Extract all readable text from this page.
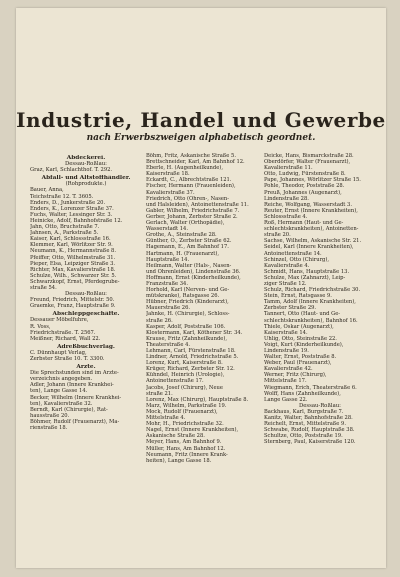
Industrie, Handel und Gewerbe
nach Erwerbszweigen alphabetisch geordnet.
Abdeckerei.
Dessau-Roßlau:
Graz, Karl, Schlachthof. T. 292.
Abfall- und Altstoffhändler.
(Rohprodukte.)
Bauer, Anna,
Teichstraße 12. T. 3605.
Enders, D., Junkerstraße 20.
Enders, K., Lorenzer Straße 37.
Fuchs, Walter, Lessinger Str. 3.
Heinicke, Adolf, Bahnhofstraße 12.
Jahn, Otto, Bruchstraße 7.
Jahnsen, A., Parkstraße 5.
Kaiser, Karl, Schlossstraße 16.
Klemmer, Karl, Wörlitzer Str. 9.
Neumann, K., Hermannstraße 8.
Pfeiffer, Otto, Wilhelmstraße 31.
Pieper, Elsa, Leipziger Straße 3.
Richter, Max, Kavalierstraße 18.
Schulze, Wilh., Schwarzer Str. 5.
Schwarzkopf, Ernst, Pferdegrube-
straße 54.
Dessau-Roßlau:
Freund, Friedrich, Mittelstr. 50.
Graemke, Franz, Hauptstraße 9.
Abschleppgeschäfte.
Dessauer Möbelfuhre,
R. Voss,
Friedrichstraße. T. 2567.
Meißner, Richard, Wall 22.
Adreßbuchverlag.
C. Dünnhaupt Verlag,
Zerbster Straße 10. T. 3300.
Ärzte.
Die Sprechstunden sind im Ärzte-
verzeichnis angegeben.
Adler, Johann (Innere Krankhei-
ten), Lange Gasse 14.
Becker, Wilhelm (Innere Krankhei-
ten), Kavalierstraße 32.
Berndt, Karl (Chirurgie), Rat-
hausstraße 20.
Böhmer, Rudolf (Frauenarzt), Ma-
rienstraße 18.
Böhm, Fritz, Askanische Straße 5.
Brettschneider, Karl, Am Bahnhof 12.
Eberle, H. (Augenheilkunde),
Kaiserstraße 18.
Eckardt, C., Albrechtstraße 121.
Fischer, Hermann (Frauenleiden),
Kavalierstraße 37.
Friedrich, Otto (Ohren-, Nasen-
und Halsleiden), Antoinettenstraße 11.
Gabler, Wilhelm, Friedrichstraße 7.
Gerber, Johann, Zerbster Straße 2.
Gerlach, Walter (Orthopädie),
Wasserstadt 14.
Grothe, A., Steinstraße 28.
Günther, O., Zerbster Straße 62.
Hagemann, E., Am Bahnhof 17.
Hartmann, H. (Frauenarzt),
Hauptstraße 14.
Heilmann, Walter (Hals-, Nasen-
und Ohrenleiden), Lindenstraße 36.
Hoffmann, Ernst (Kinderheilkunde),
Franzstraße 34.
Horhold, Karl (Nerven- und Ge-
mütskranke), Ratsgasse 26.
Hübner, Friedrich (Kinderarzt),
Mauerstraße 26.
Jahnke, H. (Chirurgie), Schloss-
straße 26.
Kasper, Adolf, Poststraße 106.
Klostermann, Karl, Köthener Str. 34.
Krause, Fritz (Zahnheilkunde),
Theaterstraße 4.
Lehmann, Carl, Fürstenstraße 18.
Lindner, Arnold, Friedrichstraße 5.
Lorenz, Kurt, Kaiserstraße 8.
Krüger, Richard, Zerbster Str. 12.
Kühndel, Heinrich (Urologie),
Antoinettenstraße 17.
Jacobs, Josef (Chirurg), Neue
straße 21.
Lorenz, Max (Chirurg), Hauptstraße 8.
Marz, Wilhelm, Parkstraße 19.
Mock, Rudolf (Frauenarzt),
Mittelstraße 4.
Mohr, H., Friedrichstraße 32.
Nagel, Ernst (Innere Krankheiten),
Askanische Straße 28.
Meyer, Hans, Am Bahnhof 9.
Müller, Hans, Am Bahnhof 12.
Neumann, Fritz (Innere Krank-
heiten), Lange Gasse 18.
Deicke, Hans, Bismarckstraße 28.
Oberdörfer, Walter (Frauenarzt),
Kavalierstraße 11.
Otto, Ludwig, Fürstenstraße 8.
Pape, Johannes, Wörlitzer Straße 15.
Pohle, Theodor, Poststraße 28.
Preuß, Johannes (Augenarzt),
Lindenstraße 28.
Reiche, Wolfgang, Wasserstadt 3.
Reuter, Ernst (Innere Krankheiten),
Schlossstraße 4.
Roß, Hermann (Haut- und Ge-
schlechtskrankheiten), Antoinetten-
straße 20.
Sachse, Wilhelm, Askanische Str. 21.
Seidel, Karl (Innere Krankheiten),
Antoinettenstraße 14.
Schinzel, Otto (Chirurg),
Kavalierstraße 4.
Schmidt, Hans, Hauptstraße 13.
Schulze, Max (Zahnarzt), Leip-
ziger Straße 12.
Schulz, Richard, Friedrichstraße 30.
Stein, Ernst, Ratsgasse 9.
Tamm, Adolf (Innere Krankheiten),
Zerbster Straße 29.
Tannert, Otto (Haut- und Ge-
schlechtskrankheiten), Bahnhof 16.
Thiele, Oskar (Augenarzt),
Kaiserstraße 14.
Uhlig, Otto, Steinstraße 22.
Voigt, Kurt (Kinderheilkunde),
Lindenstraße 19.
Walter, Ernst, Poststraße 8.
Weber, Paul (Frauenarzt),
Kavalierstraße 42.
Werner, Fritz (Chirurg),
Mittelstraße 17.
Wiegmann, Erich, Theaterstraße 6.
Wolff, Hans (Zahnheilkunde),
Lange Gasse 22.
Dessau-Roßlau:
Backhaus, Karl, Burgstraße 7.
Kanitz, Walter, Bahnhofstraße 28.
Reichelt, Ernst, Mittelstraße 9.
Schwabe, Rudolf, Hauptstraße 38.
Schultze, Otto, Poststraße 19.
Sternberg, Paul, Kaiserstraße 120.
